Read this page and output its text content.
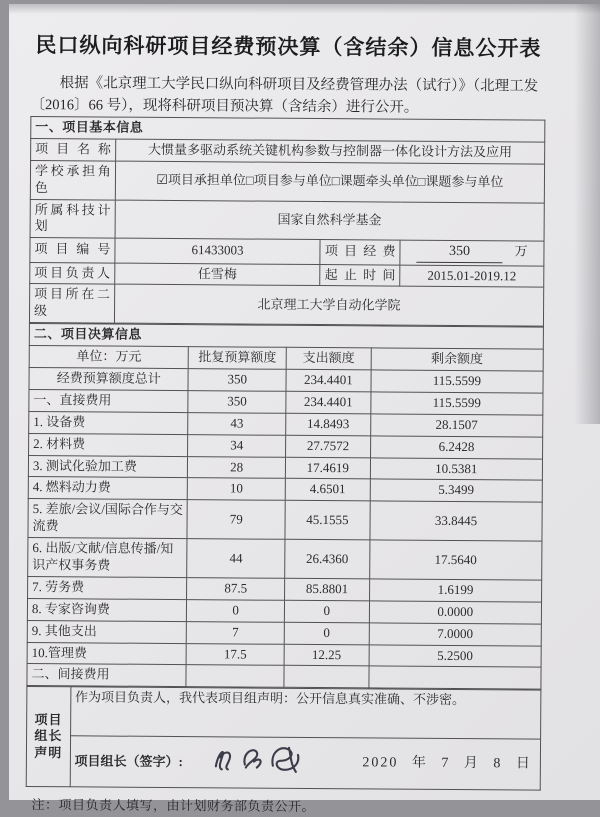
民口纵向科研项目经费预决算（含结余）信息公开表

根据《北京理工大学民口纵向科研项目及经费管理办法（试行）》（北理工发〔2016〕66 号），现将科研项目预决算（含结余）进行公开。

一、项目基本信息			
项目名称	大惯量多驱动系统关键机构参数与控制器一体化设计方法及应用		
学校承担角色	☑项目承担单位□项目参与单位□课题牵头单位□课题参与单位		
所属科技计划	国家自然科学基金		
项目编号	61433003	项目经费	350 万
项目负责人	任雪梅	起止时间	2015.01-2019.12
项目所在二级	北京理工大学自动化学院		
二、项目决算信息			
单位：万元	批复预算额度	支出额度	剩余额度
经费预算额度总计	350	234.4401	115.5599
一、直接费用	350	234.4401	115.5599
1. 设备费	43	14.8493	28.1507
2. 材料费	34	27.7572	6.2428
3. 测试化验加工费	28	17.4619	10.5381
4. 燃料动力费	10	4.6501	5.3499
5. 差旅/会议/国际合作与交流费	79	45.1555	33.8445
6. 出版/文献/信息传播/知识产权事务费	44	26.4360	17.5640
7. 劳务费	87.5	85.8801	1.6199
8. 专家咨询费	0	0	0.0000
9. 其他支出	7	0	7.0000
10.管理费	17.5	12.25	5.2500
二、间接费用			
项目
组长
声明
	作为项目负责人，我代表项目组声明：公开信息真实准确、不涉密。

项目组长（签字）:	2020 年 7 月 8 日
注：项目负责人填写，由计划财务部负责公开。
